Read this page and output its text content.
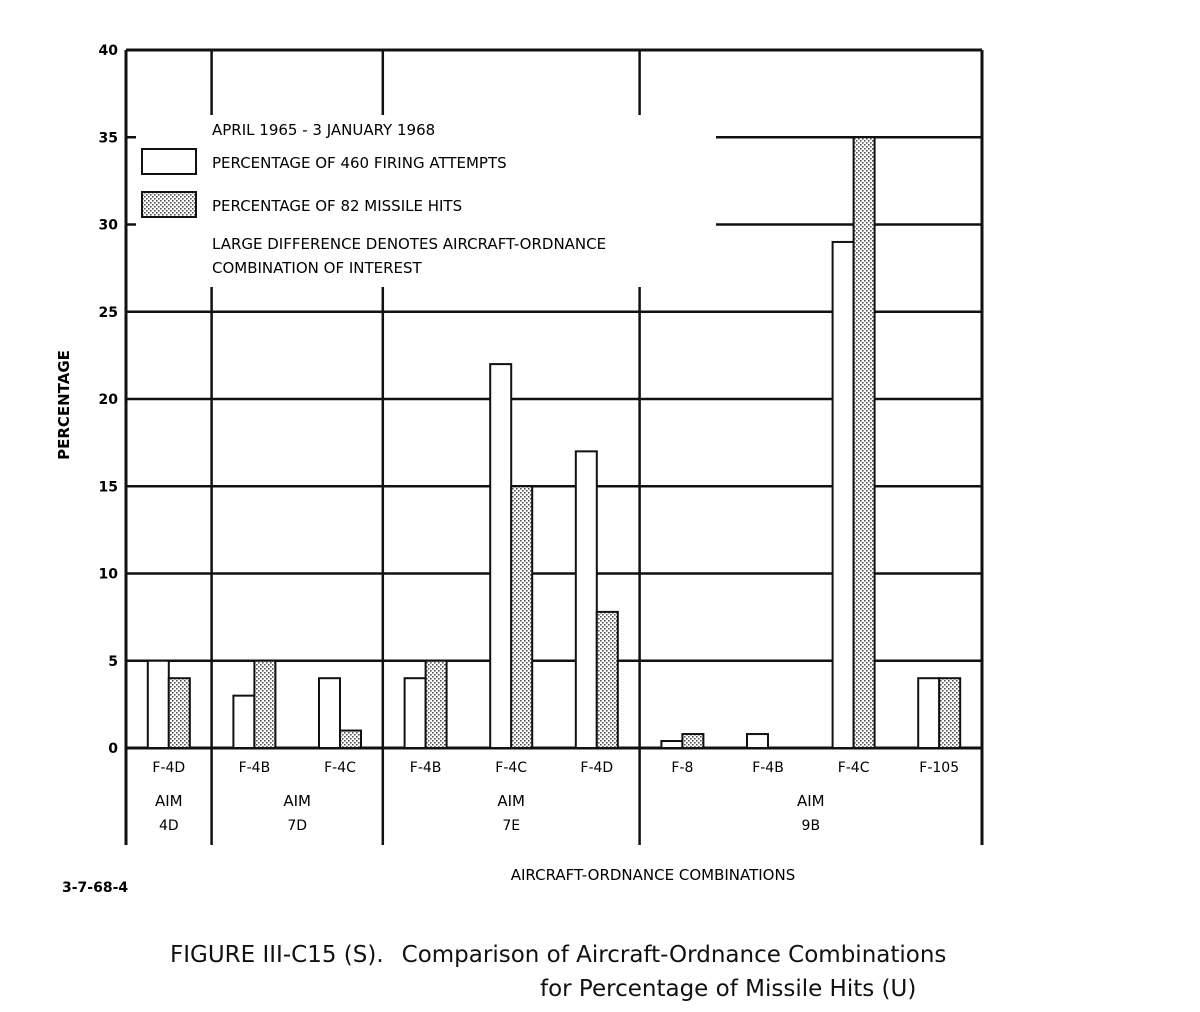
0
5
10
15
20
25
30
35
40
F-4D	F-4B	F-4C	F-4B	F-4C	F-4D	F-8	F-4B	F-4C	F-105
AIM
4D
AIM
7D
AIM
7E
AIM
9B
APRIL 1965 - 3 JANUARY 1968
PERCENTAGE OF 460 FIRING ATTEMPTS
PERCENTAGE OF 82 MISSILE HITS
LARGE DIFFERENCE DENOTES AIRCRAFT-ORDNANCE
COMBINATION OF INTEREST
PERCENTAGE
AIRCRAFT-ORDNANCE COMBINATIONS
3-7-68-4
FIGURE III-C15 (S). Comparison of Aircraft-Ordnance Combinations
for Percentage of Missile Hits (U)
